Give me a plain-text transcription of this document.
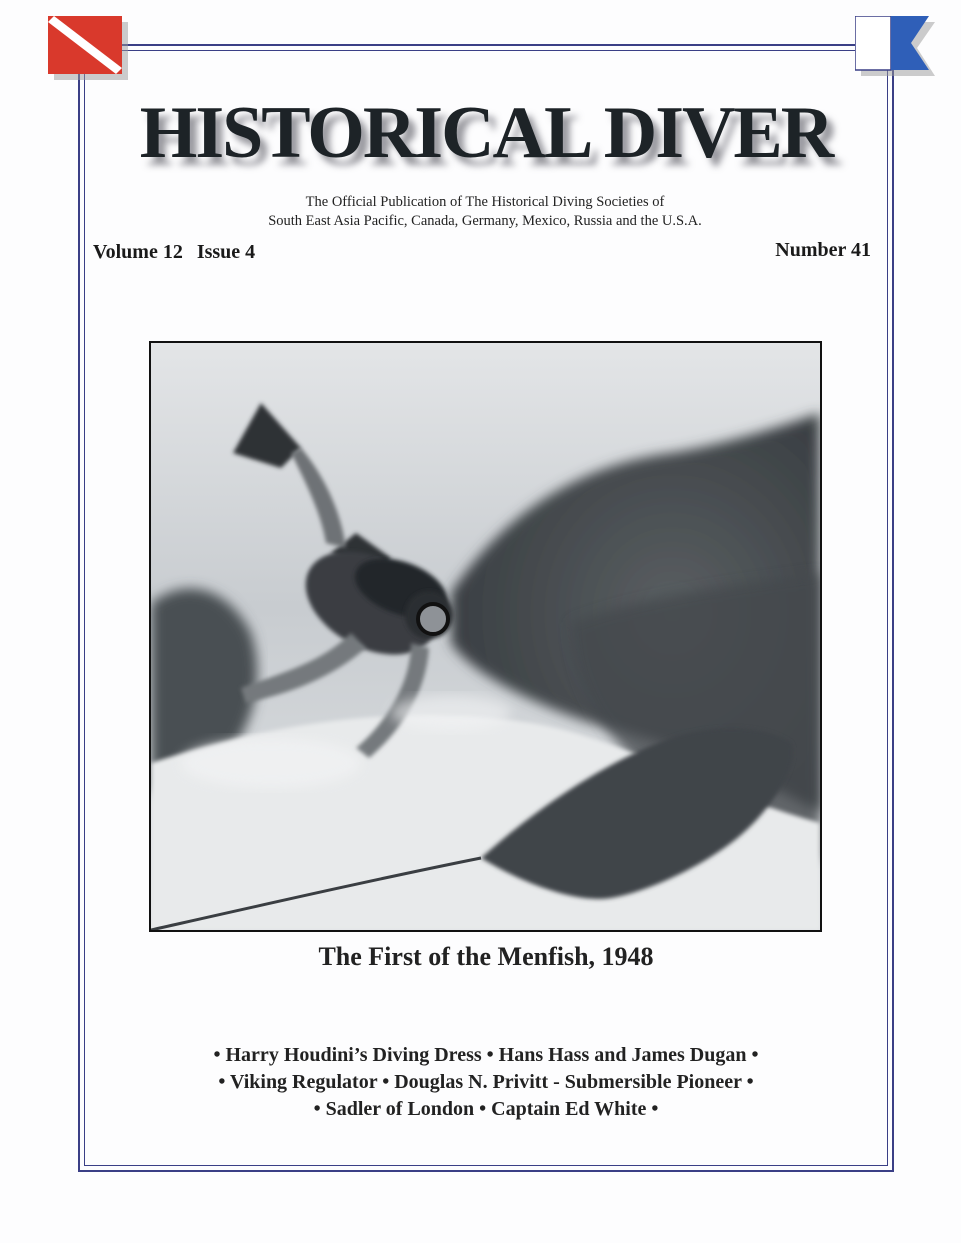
HISTORICAL DIVER
The Official Publication of The Historical Diving Societies of
South East Asia Pacific, Canada, Germany, Mexico, Russia and the U.S.A.
Volume 12 Issue 4	Number 41
The First of the Menfish, 1948
• Harry Houdini’s Diving Dress • Hans Hass and James Dugan •
• Viking Regulator • Douglas N. Privitt - Submersible Pioneer •
• Sadler of London • Captain Ed White •
